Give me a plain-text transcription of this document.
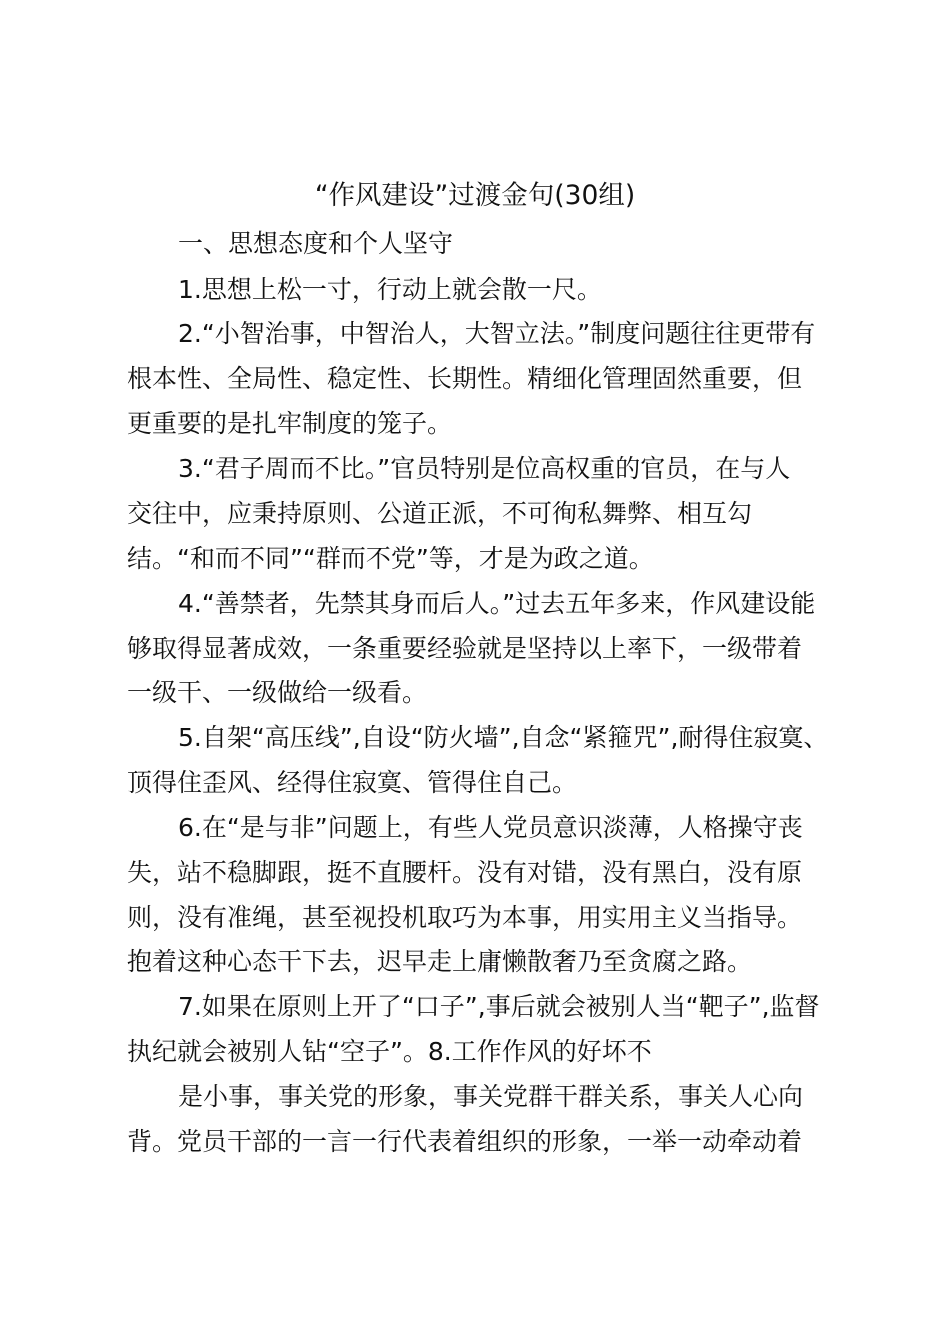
“作风建设”过渡金句(30组)
一、思想态度和个人坚守
1.思想上松一寸，行动上就会散一尺。
2.“小智治事，中智治人，大智立法。”制度问题往往更带有
根本性、全局性、稳定性、长期性。精细化管理固然重要，但
更重要的是扎牢制度的笼子。
3.“君子周而不比。”官员特别是位高权重的官员，在与人
交往中，应秉持原则、公道正派，不可徇私舞弊、相互勾
结。“和而不同”“群而不党”等，才是为政之道。
4.“善禁者，先禁其身而后人。”过去五年多来，作风建设能
够取得显著成效，一条重要经验就是坚持以上率下，一级带着
一级干、一级做给一级看。
5.自架“高压线”,自设“防火墙”,自念“紧箍咒”,耐得住寂寞、
顶得住歪风、经得住寂寞、管得住自己。
6.在“是与非”问题上，有些人党员意识淡薄，人格操守丧
失，站不稳脚跟，挺不直腰杆。没有对错，没有黑白，没有原
则，没有准绳，甚至视投机取巧为本事，用实用主义当指导。
抱着这种心态干下去，迟早走上庸懒散奢乃至贪腐之路。
7.如果在原则上开了“口子”,事后就会被别人当“靶子”,监督
执纪就会被别人钻“空子”。8.工作作风的好坏不
是小事，事关党的形象，事关党群干群关系，事关人心向
背。党员干部的一言一行代表着组织的形象，一举一动牵动着
